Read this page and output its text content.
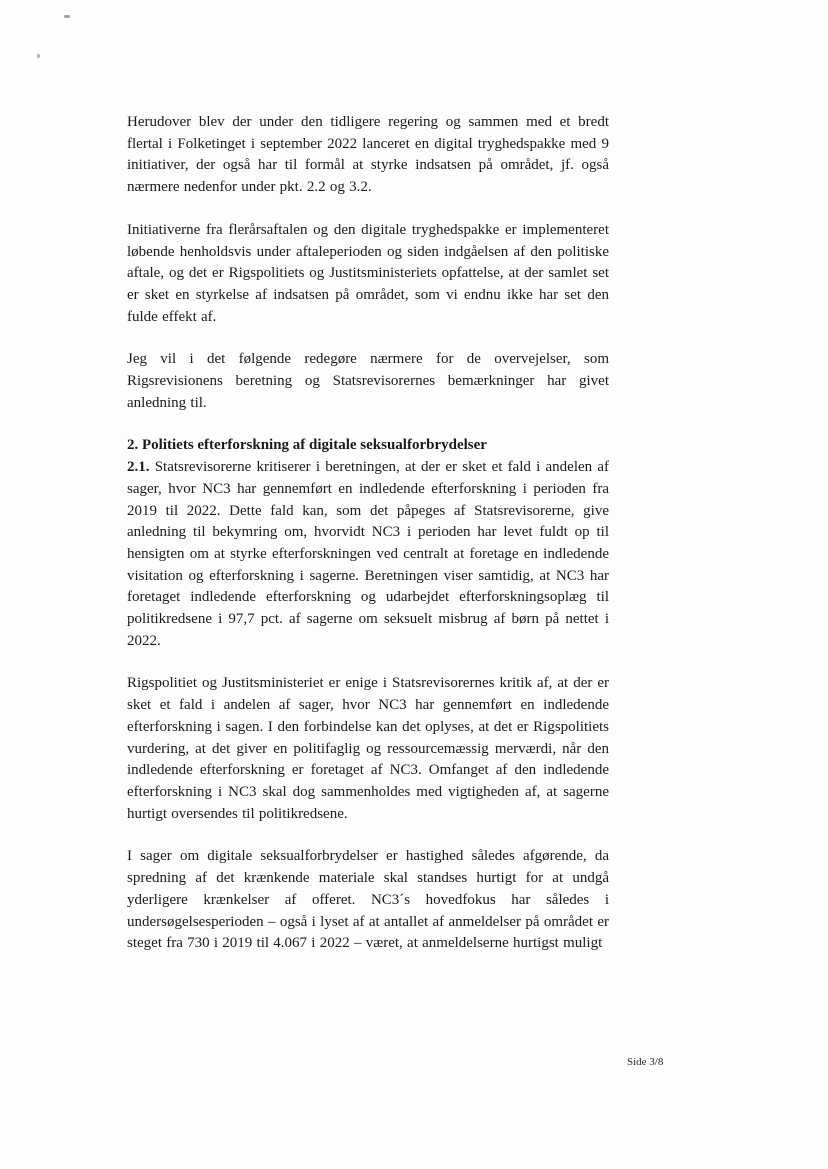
Herudover blev der under den tidligere regering og sammen med et bredt flertal i Folketinget i september 2022 lanceret en digital tryghedspakke med 9 initiativer, der også har til formål at styrke indsatsen på området, jf. også nærmere nedenfor under pkt. 2.2 og 3.2.

Initiativerne fra flerårsaftalen og den digitale tryghedspakke er implementeret løbende henholdsvis under aftaleperioden og siden indgåelsen af den politiske aftale, og det er Rigspolitiets og Justitsministeriets opfattelse, at der samlet set er sket en styrkelse af indsatsen på området, som vi endnu ikke har set den fulde effekt af.

Jeg vil i det følgende redegøre nærmere for de overvejelser, som Rigsrevisionens beretning og Statsrevisorernes bemærkninger har givet anledning til.

2. Politiets efterforskning af digitale seksualforbrydelser

2.1. Statsrevisorerne kritiserer i beretningen, at der er sket et fald i andelen af sager, hvor NC3 har gennemført en indledende efterforskning i perioden fra 2019 til 2022. Dette fald kan, som det påpeges af Statsrevisorerne, give anledning til bekymring om, hvorvidt NC3 i perioden har levet fuldt op til hensigten om at styrke efterforskningen ved centralt at foretage en indledende visitation og efterforskning i sagerne. Beretningen viser samtidig, at NC3 har foretaget indledende efterforskning og udarbejdet efterforskningsoplæg til politikredsene i 97,7 pct. af sagerne om seksuelt misbrug af børn på nettet i 2022.

Rigspolitiet og Justitsministeriet er enige i Statsrevisorernes kritik af, at der er sket et fald i andelen af sager, hvor NC3 har gennemført en indledende efterforskning i sagen. I den forbindelse kan det oplyses, at det er Rigspolitiets vurdering, at det giver en politifaglig og ressourcemæssig merværdi, når den indledende efterforskning er foretaget af NC3. Omfanget af den indledende efterforskning i NC3 skal dog sammenholdes med vigtigheden af, at sagerne hurtigt oversendes til politikredsene.

I sager om digitale seksualforbrydelser er hastighed således afgørende, da spredning af det krænkende materiale skal standses hurtigt for at undgå yderligere krænkelser af offeret. NC3´s hovedfokus har således i undersøgelsesperioden – også i lyset af at antallet af anmeldelser på området er steget fra 730 i 2019 til 4.067 i 2022 – været, at anmeldelserne hurtigst muligt

Side 3/8
